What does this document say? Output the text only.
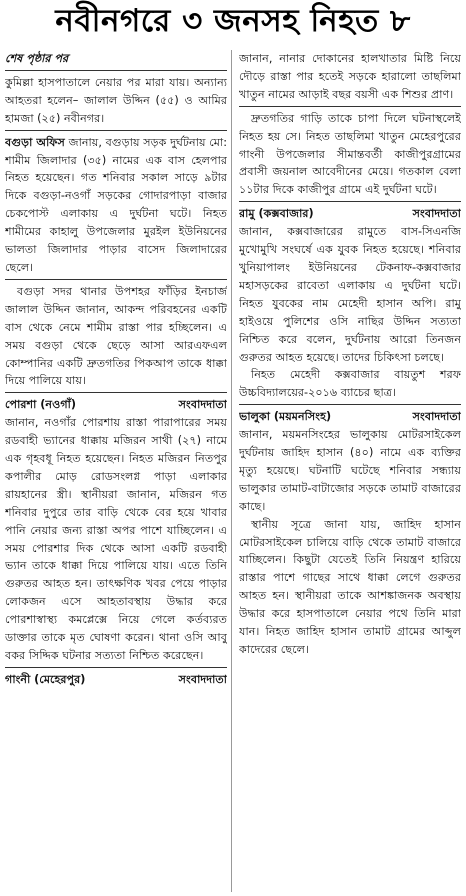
নবীনগরে ৩ জনসহ নিহত ৮

শেষ পৃষ্ঠার পর

কুমিল্লা হাসপাতালে নেয়ার পর মারা যায়। অন্যান্য আহতরা হলেন– জালাল উদ্দিন (৫৫) ও আমির হামজা (২৫) নবীনগর।

বগুড়া অফিস জানায়, বগুড়ায় সড়ক দুর্ঘটনায় মো: শামীম জিলাদার (৩৫) নামের এক বাস হেলপার নিহত হয়েছেন। গত শনিবার সকাল সাড়ে ৯টার দিকে বগুড়া-নওগাঁ সড়কের গোদারপাড়া বাজার চেকপোস্ট এলাকায় এ দুর্ঘটনা ঘটে। নিহত শামীমের কাহালু উপজেলার মুরইল ইউনিয়নের ভালতা জিলাদার পাড়ার বাসেদ জিলাদারের ছেলে।

বগুড়া সদর থানার উপশহর ফাঁড়ির ইনচার্জ জালাল উদ্দিন জানান, আকন্দ পরিবহনের একটি বাস থেকে নেমে শামীম রাস্তা পার হচ্ছিলেন। এ সময় বগুড়া থেকে ছেড়ে আসা আরএফএল কোম্পানির একটি দ্রুতগতির পিকআপ তাকে ধাক্কা দিয়ে পালিয়ে যায়।

পোরশা (নওগাঁ)	সংবাদদাতা

জানান, নওগাঁর পোরশায় রাস্তা পারাপারের সময় রডবাহী ভ্যানের ধাক্কায় মজিরন সাথী (২৭) নামে এক গৃহবধূ নিহত হয়েছেন। নিহত মজিরন নিতপুর কপালীর মোড় রোডসংলগ্ন পাড়া এলাকার রায়হানের স্ত্রী। স্থানীয়রা জানান, মজিরন গত শনিবার দুপুরে তার বাড়ি থেকে বের হয়ে খাবার পানি নেয়ার জন্য রাস্তা অপর পাশে যাচ্ছিলেন। এ সময় পোরশার দিক থেকে আসা একটি রডবাহী ভ্যান তাকে ধাক্কা দিয়ে পালিয়ে যায়। এতে তিনি গুরুতর আহত হন। তাৎক্ষণিক খবর পেয়ে পাড়ার লোকজন এসে আহতাবস্থায় উদ্ধার করে পোরশাস্বাস্থ্য কমপ্লেক্সে নিয়ে গেলে কর্তব্যরত ডাক্তার তাকে মৃত ঘোষণা করেন। থানা ওসি আবু বকর সিদ্দিক ঘটনার সত্যতা নিশ্চিত করেছেন।

গাংনী (মেহেরপুর)	সংবাদদাতা

জানান, নানার দোকানের হালখাতার মিষ্টি নিয়ে দৌড়ে রাস্তা পার হতেই সড়কে হারালো তাছলিমা খাতুন নামের আড়াই বছর বয়সী এক শিশুর প্রাণ।

দ্রুতগতির গাড়ি তাকে চাপা দিলে ঘটনাস্থলেই নিহত হয় সে। নিহত তাছলিমা খাতুন মেহেরপুরের গাংনী উপজেলার সীমান্তবর্তী কাজীপুরগ্রামের প্রবাসী জয়নাল আবেদীনের মেয়ে। গতকাল বেলা ১১টার দিকে কাজীপুর গ্রামে এই দুর্ঘটনা ঘটে।

রামু (কক্সবাজার)	সংবাদদাতা

জানান, কক্সবাজারের রামুতে বাস-সিএনজি মুখোমুখি সংঘর্ষে এক যুবক নিহত হয়েছে। শনিবার খুনিয়াপালং ইউনিয়নের টেকনাফ-কক্সবাজার মহাসড়কের রাবেতা এলাকায় এ দুর্ঘটনা ঘটে। নিহত যুবকের নাম মেহেদী হাসান অপি। রামু হাইওয়ে পুলিশের ওসি নাছির উদ্দিন সত্যতা নিশ্চিত করে বলেন, দুর্ঘটনায় আরো তিনজন গুরুতর আহত হয়েছে। তাদের চিকিৎসা চলছে।

নিহত মেহেদী কক্সবাজার বায়তুশ শরফ উচ্চবিদ্যালয়ের-২০১৬ ব্যাচের ছাত্র।

ভালুকা (ময়মনসিংহ)	সংবাদদাতা

জানান, ময়মনসিংহের ভালুকায় মোটরসাইকেল দুর্ঘটনায় জাহিদ হাসান (৪০) নামে এক ব্যক্তির মৃত্যু হয়েছে। ঘটনাটি ঘটেছে শনিবার সন্ধ্যায় ভালুকার তামাট-বাটাজোর সড়কে তামাট বাজারের কাছে।

স্থানীয় সূত্রে জানা যায়, জাহিদ হাসান মোটরসাইকেল চালিয়ে বাড়ি থেকে তামাট বাজারে যাচ্ছিলেন। কিছুটা যেতেই তিনি নিয়ন্ত্রণ হারিয়ে রাস্তার পাশে গাছের সাথে ধাক্কা লেগে গুরুতর আহত হন। স্থানীয়রা তাকে আশঙ্কাজনক অবস্থায় উদ্ধার করে হাসপাতালে নেয়ার পথে তিনি মারা যান। নিহত জাহিদ হাসান তামাট গ্রামের আব্দুল কাদেরের ছেলে।
